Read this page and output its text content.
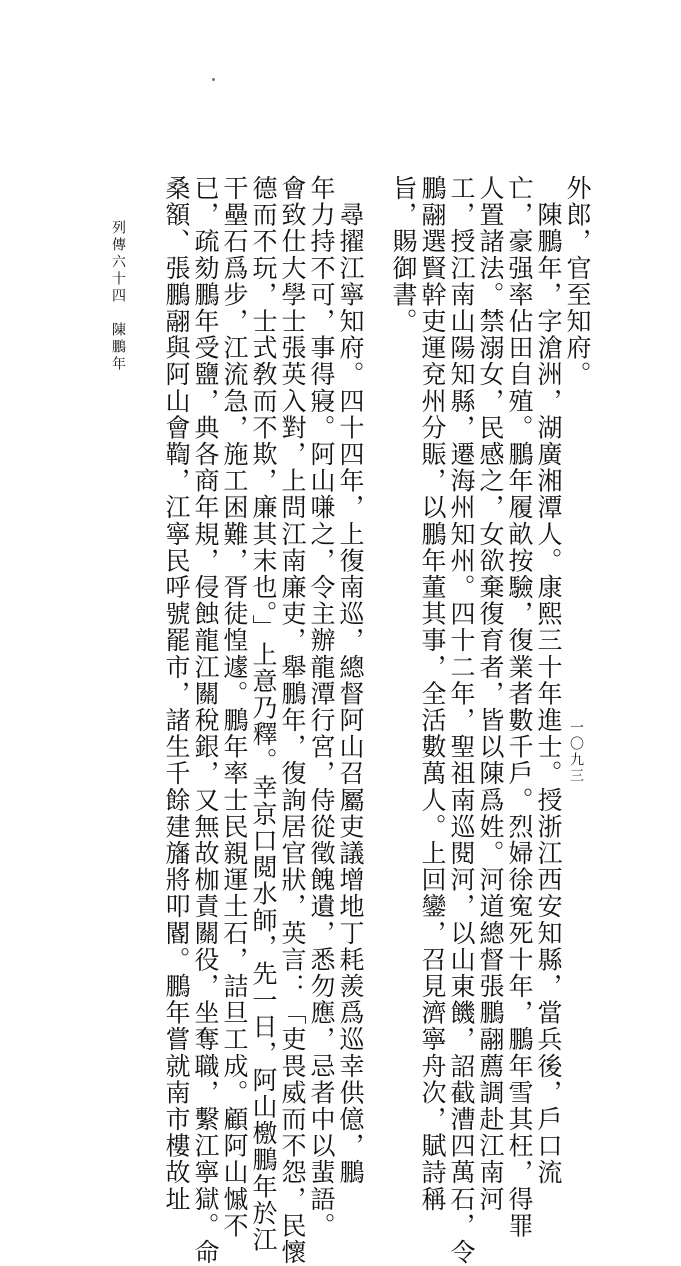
外郎，官至知府。
　陳鵬年，字滄洲，湖廣湘潭人。康熙三十年進士。授浙江西安知縣，當兵後，戶口流
亡，豪强率佔田自殖。鵬年履畝按驗，復業者數千戶。烈婦徐寃死十年，鵬年雪其枉，得罪
人置諸法。禁溺女，民感之，女欲棄復育者，皆以陳爲姓。河道總督張鵬翮薦調赴江南河
工，授江南山陽知縣，遷海州知州。四十二年，聖祖南巡閱河，以山東饑，詔截漕四萬石，令
鵬翮選賢幹吏運兗州分賑，以鵬年董其事，全活數萬人。上回鑾，召見濟寧舟次，賦詩稱
旨，賜御書。
　尋擢江寧知府。四十四年，上復南巡，總督阿山召屬吏議增地丁耗羨爲巡幸供億，鵬
年力持不可，事得寢。阿山嗛之，令主辦龍潭行宮，侍從徵餽遺，悉勿應，忌者中以蜚語。
會致仕大學士張英入對，上問江南廉吏，舉鵬年，復詢居官狀，英言：「吏畏威而不怨，民懷
德而不玩，士式敎而不欺，廉其末也。」上意乃釋。幸京口閲水師，先一日，阿山檄鵬年於江
干壘石爲步，江流急，施工困難，胥徒惶遽。鵬年率士民親運土石，詰旦工成。顧阿山慽不
已，疏劾鵬年受鹽，典各商年規，侵蝕龍江關稅銀，又無故枷責關役，坐奪職，繫江寧獄。命
桑額、張鵬翮與阿山會鞫，江寧民呼號罷市，諸生千餘建旛將叩閽。鵬年嘗就南市樓故址
列傳六十四　陳鵬年
一〇九三
